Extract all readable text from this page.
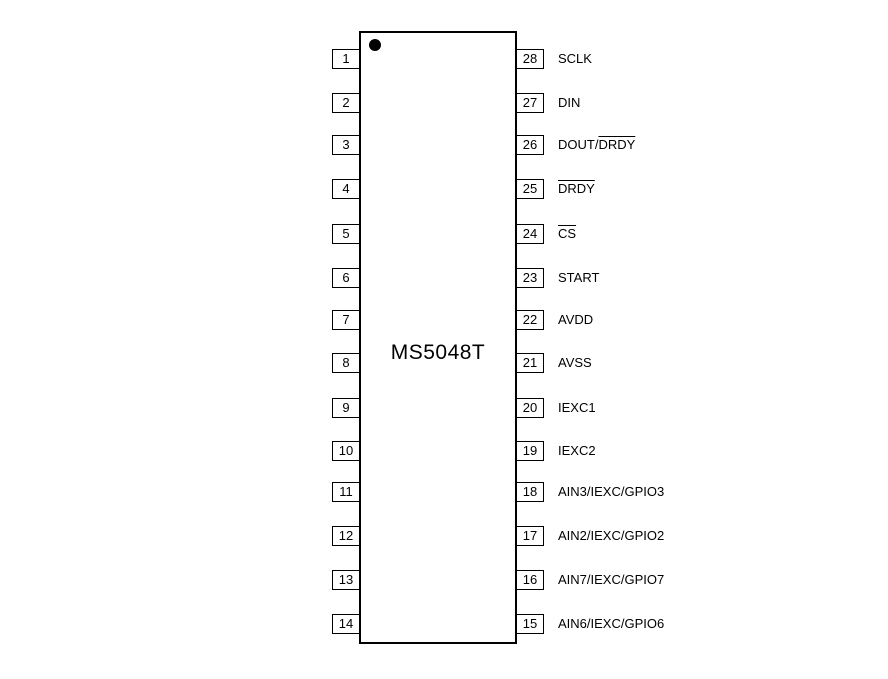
MS5048T
1
2
3
4
5
6
7
8
9
10
11
12
13
14
28	SCLK
27	DIN
26	DOUT/DRDY
25	DRDY
24	$\overline{CS}$
23	START
22	AVDD
21	AVSS
20	IEXC1
19	IEXC2
18	AIN3/IEXC/GPIO3
17	AIN2/IEXC/GPIO2
16	AIN7/IEXC/GPIO7
15	AIN6/IEXC/GPIO6
